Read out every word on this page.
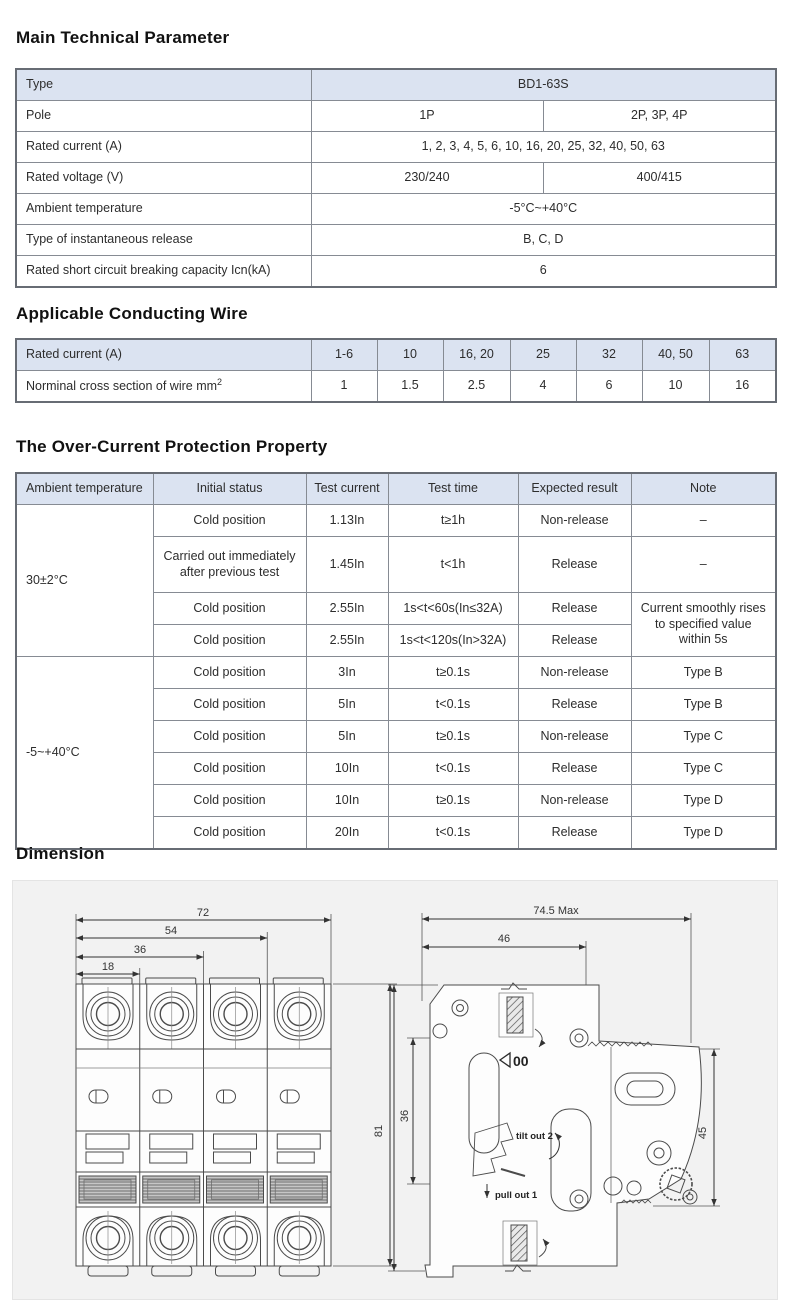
Main Technical Parameter
Type	BD1-63S	
Pole	1P	2P, 3P, 4P
Rated current (A)	1, 2, 3, 4, 5, 6, 10, 16, 20, 25, 32, 40, 50, 63	
Rated voltage (V)	230/240	400/415
Ambient temperature	-5°C~+40°C	
Type of instantaneous release	B, C, D	
Rated short circuit breaking capacity Icn(kA)	6	
Applicable Conducting Wire
Rated current (A)	1-6	10	16, 20	25	32	40, 50	63
Norminal cross section of wire $mm^2$	1	1.5	2.5	4	6	10	16
The Over-Current Protection Property
Ambient temperature	Initial status	Test current	Test time	Expected result	Note
30±2°C	Cold position	1.13In	t≥1h	Non-release	–
	Carried out immediately after previous test	1.45In	t<1h	Release	–
	Cold position	2.55In	1s<t<60s(In≤32A)	Release	Current smoothly rises to specified value within 5s
	Cold position	2.55In	1s<t<120s(In>32A)	Release	
-5~+40°C	Cold position	3In	t≥0.1s	Non-release	Type B
	Cold position	5In	t<0.1s	Release	Type B
	Cold position	5In	t≥0.1s	Non-release	Type C
	Cold position	10In	t<0.1s	Release	Type C
	Cold position	10In	t≥0.1s	Non-release	Type D
	Cold position	20In	t<0.1s	Release	Type D
Dimension
72
54
36
18
81
00
tilt out 2
pull out 1
74.5 Max
46
36
45
